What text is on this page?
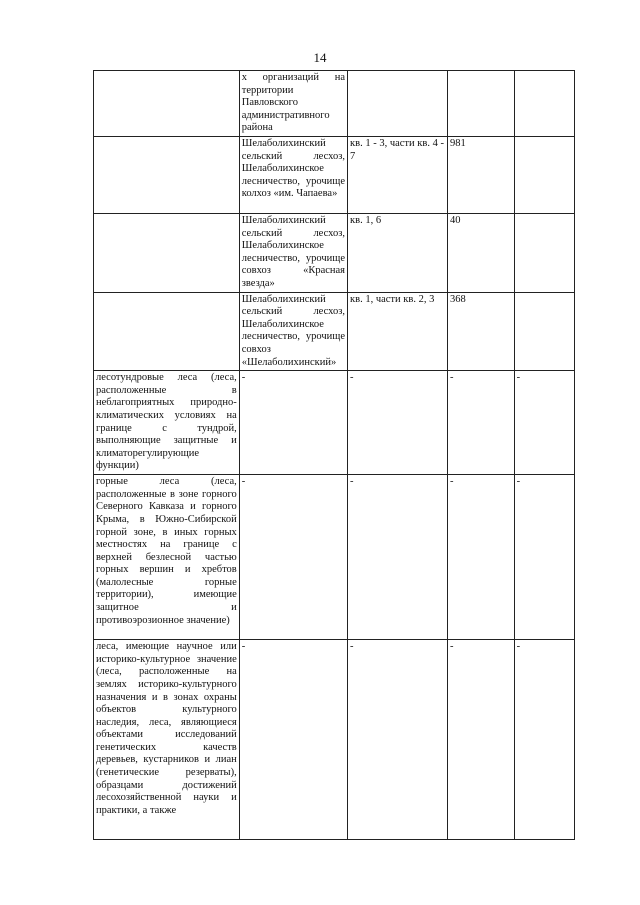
14
	х организаций на территории Павловского административного района			
	Шелаболихинский сельский лесхоз, Шелаболихинское лесничество, урочище колхоз «им. Чапаева»	кв. 1 - 3, части кв. 4 - 7	981	
	Шелаболихинский сельский лесхоз, Шелаболихинское лесничество, урочище совхоз «Красная звезда»	кв. 1, 6	40	
	Шелаболихинский сельский лесхоз, Шелаболихинское лесничество, урочище совхоз «Шелаболихинский»	кв. 1, части кв. 2, 3	368	
лесотундровые леса (леса, расположенные в неблагоприятных природно-климатических условиях на границе с тундрой, выполняющие защитные и климаторегулирующие функции)	-	-	-	-
горные леса (леса, расположенные в зоне горного Северного Кавказа и горного Крыма, в Южно-Сибирской горной зоне, в иных горных местностях на границе с верхней безлесной частью горных вершин и хребтов (малолесные горные территории), имеющие защитное и противоэрозионное значение)	-	-	-	-
леса, имеющие научное или историко-культурное значение (леса, расположенные на землях историко-культурного назначения и в зонах охраны объектов культурного наследия, леса, являющиеся объектами исследований генетических качеств деревьев, кустарников и лиан (генетические резерваты), образцами достижений лесохозяйственной науки и практики, а также	-	-	-	-
